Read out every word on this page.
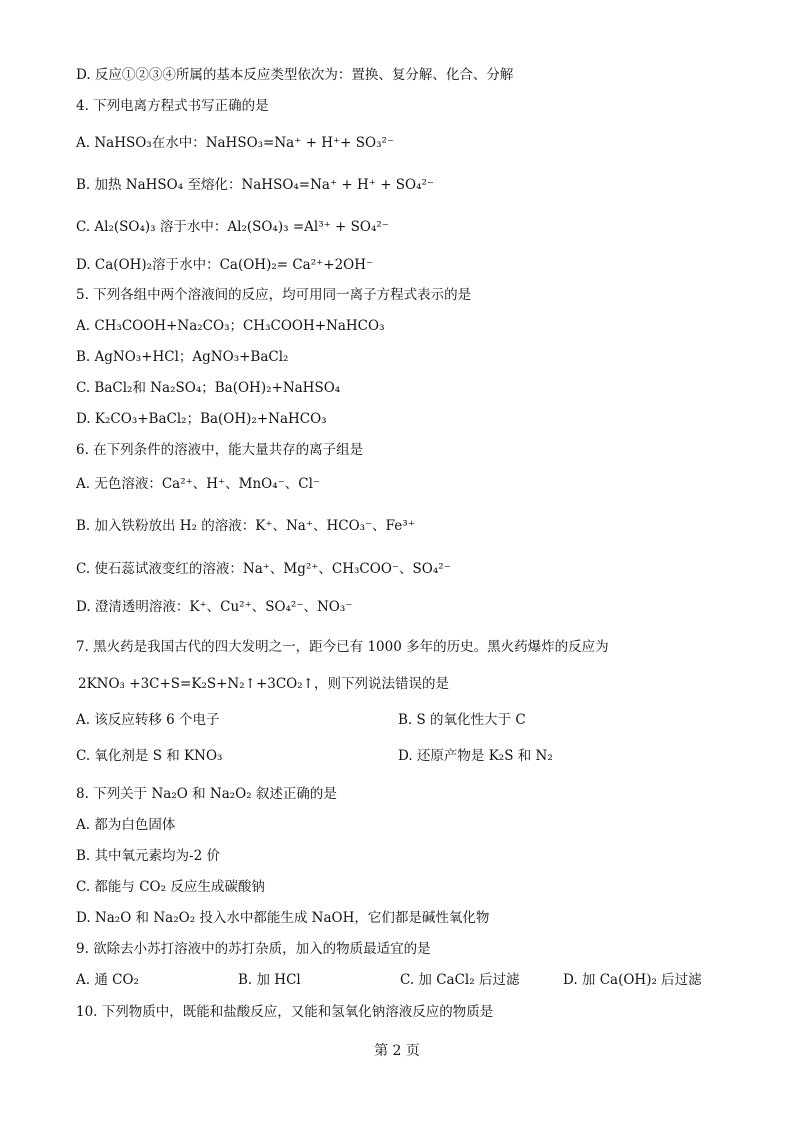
D. 反应①②③④所属的基本反应类型依次为：置换、复分解、化合、分解
4. 下列电离方程式书写正确的是
A. NaHSO₃在水中：NaHSO₃=Na⁺ + H⁺+ SO₃²⁻
B. 加热 NaHSO₄ 至熔化：NaHSO₄=Na⁺ + H⁺ + SO₄²⁻
C. Al₂(SO₄)₃ 溶于水中：Al₂(SO₄)₃ =Al³⁺ + SO₄²⁻
D. Ca(OH)₂溶于水中：Ca(OH)₂= Ca²⁺+2OH⁻
5. 下列各组中两个溶液间的反应，均可用同一离子方程式表示的是
A. CH₃COOH+Na₂CO₃；CH₃COOH+NaHCO₃
B. AgNO₃+HCl；AgNO₃+BaCl₂
C. BaCl₂和 Na₂SO₄；Ba(OH)₂+NaHSO₄
D. K₂CO₃+BaCl₂；Ba(OH)₂+NaHCO₃
6. 在下列条件的溶液中，能大量共存的离子组是
A. 无色溶液：Ca²⁺、H⁺、MnO₄⁻、Cl⁻
B. 加入铁粉放出 H₂ 的溶液：K⁺、Na⁺、HCO₃⁻、Fe³⁺
C. 使石蕊试液变红的溶液：Na⁺、Mg²⁺、CH₃COO⁻、SO₄²⁻
D. 澄清透明溶液：K⁺、Cu²⁺、SO₄²⁻、NO₃⁻
7. 黑火药是我国古代的四大发明之一，距今已有 1000 多年的历史。黑火药爆炸的反应为
2KNO₃ +3C+S=K₂S+N₂↑+3CO₂↑，则下列说法错误的是
A. 该反应转移 6 个电子	B. S 的氧化性大于 C
C. 氧化剂是 S 和 KNO₃	D. 还原产物是 K₂S 和 N₂
8. 下列关于 Na₂O 和 Na₂O₂ 叙述正确的是
A. 都为白色固体
B. 其中氧元素均为-2 价
C. 都能与 CO₂ 反应生成碳酸钠
D. Na₂O 和 Na₂O₂ 投入水中都能生成 NaOH，它们都是碱性氧化物
9. 欲除去小苏打溶液中的苏打杂质，加入的物质最适宜的是
A. 通 CO₂	B. 加 HCl	C. 加 CaCl₂ 后过滤	D. 加 Ca(OH)₂ 后过滤
10. 下列物质中，既能和盐酸反应，又能和氢氧化钠溶液反应的物质是
第 2 页
